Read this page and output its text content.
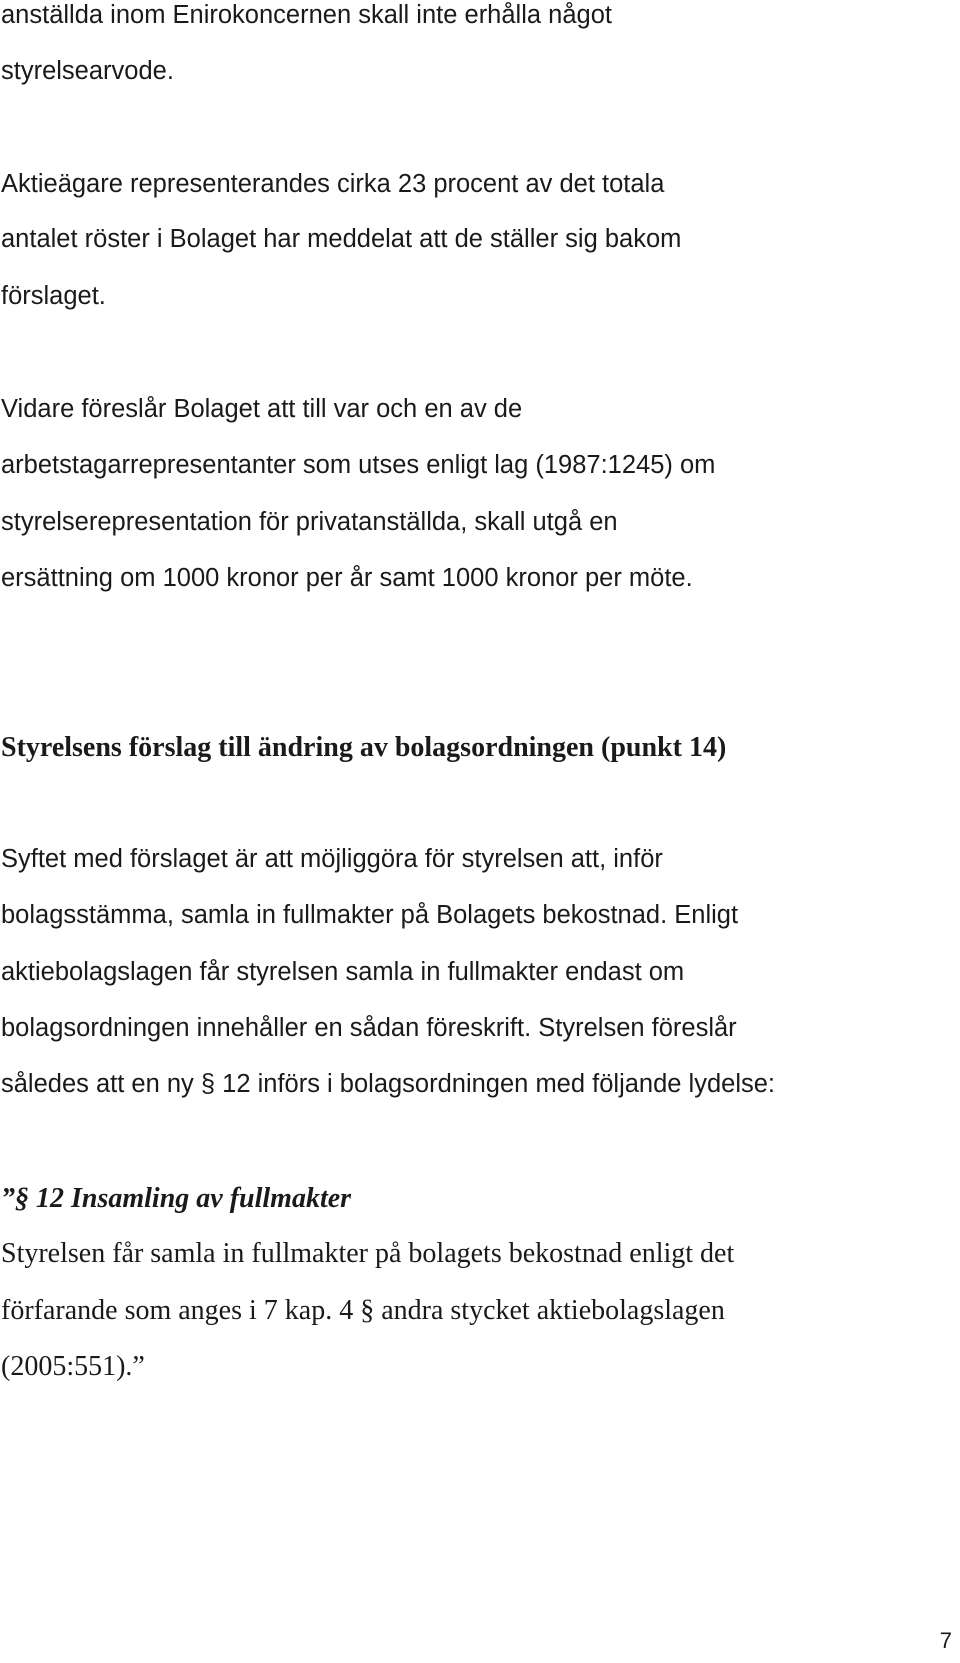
anställda inom Enirokoncernen skall inte erhålla något
styrelsearvode.
Aktieägare representerandes cirka 23 procent av det totala
antalet röster i Bolaget har meddelat att de ställer sig bakom
förslaget.
Vidare föreslår Bolaget att till var och en av de
arbetstagarrepresentanter som utses enligt lag (1987:1245) om
styrelserepresentation för privatanställda, skall utgå en
ersättning om 1000 kronor per år samt 1000 kronor per möte.
Styrelsens förslag till ändring av bolagsordningen (punkt 14)
Syftet med förslaget är att möjliggöra för styrelsen att, inför
bolagsstämma, samla in fullmakter på Bolagets bekostnad. Enligt
aktiebolagslagen får styrelsen samla in fullmakter endast om
bolagsordningen innehåller en sådan föreskrift. Styrelsen föreslår
således att en ny § 12 införs i bolagsordningen med följande lydelse:
”§ 12 Insamling av fullmakter
Styrelsen får samla in fullmakter på bolagets bekostnad enligt det
förfarande som anges i 7 kap. 4 § andra stycket aktiebolagslagen
(2005:551).”
7
